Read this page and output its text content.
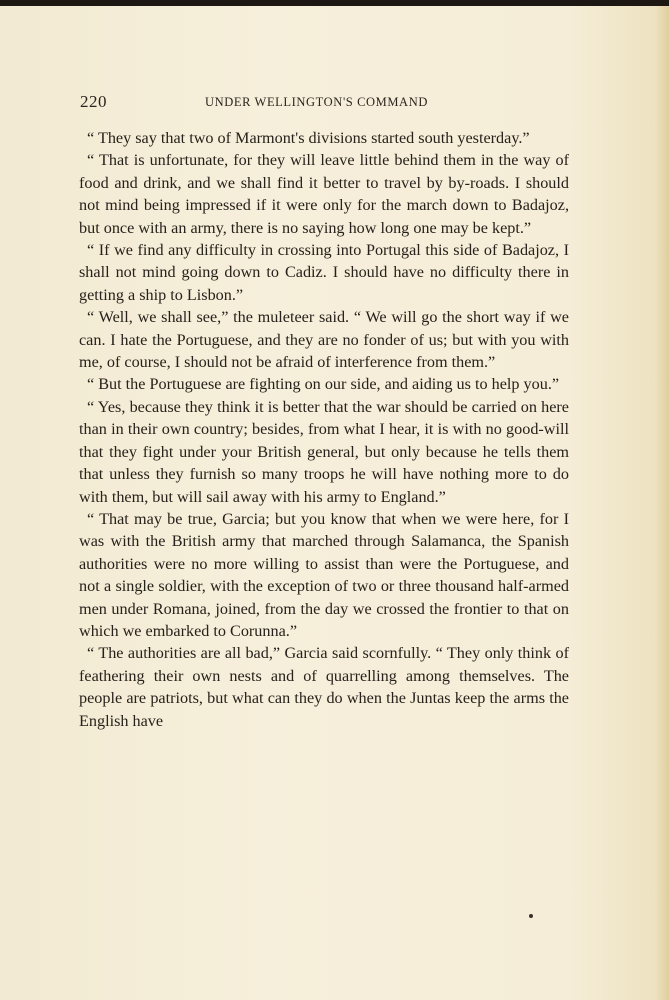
220	UNDER WELLINGTON'S COMMAND

“ They say that two of Marmont's divisions started south yesterday.”

“ That is unfortunate, for they will leave little behind them in the way of food and drink, and we shall find it better to travel by by-roads. I should not mind being impressed if it were only for the march down to Badajoz, but once with an army, there is no saying how long one may be kept.”

“ If we find any difficulty in crossing into Portugal this side of Badajoz, I shall not mind going down to Cadiz. I should have no difficulty there in getting a ship to Lisbon.”

“ Well, we shall see,” the muleteer said. “ We will go the short way if we can. I hate the Portuguese, and they are no fonder of us; but with you with me, of course, I should not be afraid of interference from them.”

“ But the Portuguese are fighting on our side, and aiding us to help you.”

“ Yes, because they think it is better that the war should be carried on here than in their own country; besides, from what I hear, it is with no good-will that they fight under your British general, but only because he tells them that unless they furnish so many troops he will have nothing more to do with them, but will sail away with his army to England.”

“ That may be true, Garcia; but you know that when we were here, for I was with the British army that marched through Salamanca, the Spanish authorities were no more willing to assist than were the Portuguese, and not a single soldier, with the exception of two or three thousand half-armed men under Romana, joined, from the day we crossed the frontier to that on which we embarked to Corunna.”

“ The authorities are all bad,” Garcia said scornfully. “ They only think of feathering their own nests and of quarrelling among themselves. The people are patriots, but what can they do when the Juntas keep the arms the English have
